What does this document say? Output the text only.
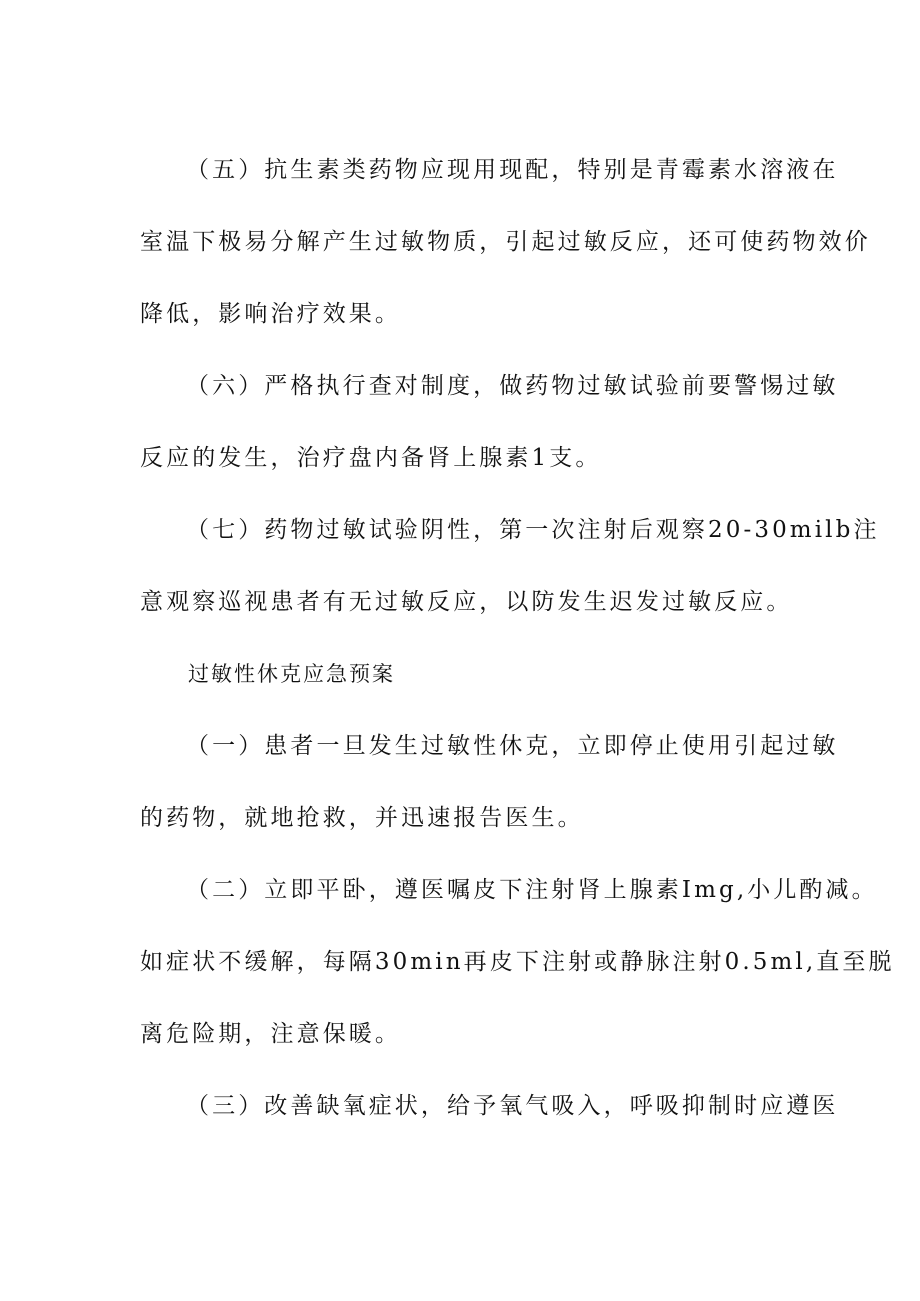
（五）抗生素类药物应现用现配，特别是青霉素水溶液在
室温下极易分解产生过敏物质，引起过敏反应，还可使药物效价
降低，影响治疗效果。
（六）严格执行查对制度，做药物过敏试验前要警惕过敏
反应的发生，治疗盘内备肾上腺素1支。
（七）药物过敏试验阴性，第一次注射后观察20-30milb注
意观察巡视患者有无过敏反应，以防发生迟发过敏反应。
过敏性休克应急预案
（一）患者一旦发生过敏性休克，立即停止使用引起过敏
的药物，就地抢救，并迅速报告医生。
（二）立即平卧，遵医嘱皮下注射肾上腺素Img,小儿酌减。
如症状不缓解，每隔30min再皮下注射或静脉注射0.5ml,直至脱
离危险期，注意保暖。
（三）改善缺氧症状，给予氧气吸入，呼吸抑制时应遵医
